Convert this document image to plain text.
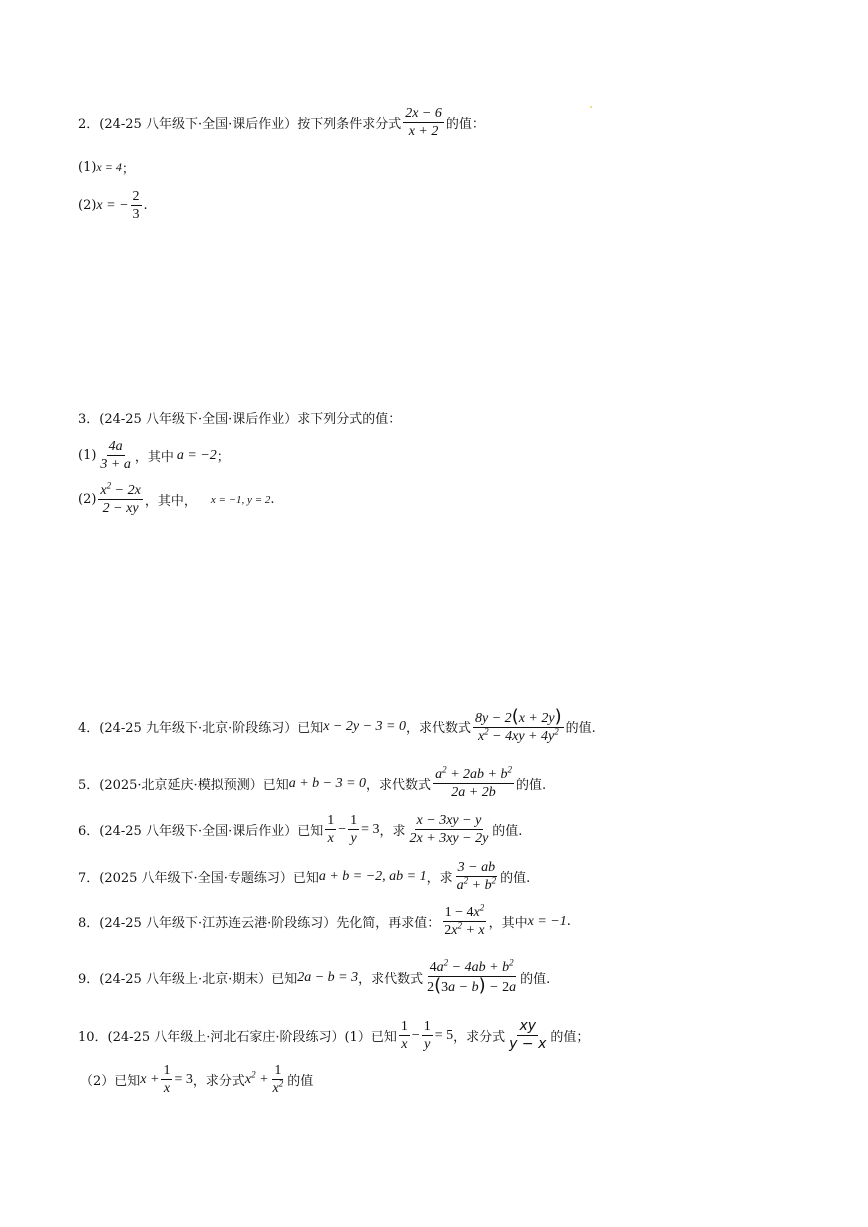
2．(24-25 八年级下·全国·课后作业）按下列条件求分式 $\frac{2x - 6}{x + 2}$ 的值：
(1) x = 4 ；
(2) x = − $\frac{2}{3}$ .
3．(24-25 八年级下·全国·课后作业）求下列分式的值：
$(1) \frac{4a}{3 + a}$ ，其中 a = −2 ；
$(2) \frac{x^2 - 2x}{2 - xy}$ ，其中， x = −1, y = 2 .
4．(24-25 九年级下·北京·阶段练习）已知 x − 2y − 3 = 0 ，求代数式 $\frac{8y - 2(x + 2y)}{x^2 - 4xy + 4y^2}$ 的值.
5．(2025·北京延庆·模拟预测）已知 a + b − 3 = 0 ，求代数式 $\frac{a^2 + 2ab + b^2}{2a + 2b}$ 的值.
6．(24-25 八年级下·全国·课后作业）已知 $\frac{1}{x} - \frac{1}{y} = 3$ ，求 $\frac{x - 3xy - y}{2x + 3xy - 2y}$ 的值.
7．(2025 八年级下·全国·专题练习）已知 a + b = −2, ab = 1 ，求 $\frac{3 - ab}{a^2 + b^2}$ 的值.
8．(24-25 八年级下·江苏连云港·阶段练习）先化简，再求值： $\frac{1 - 4x^2}{2x^2 + x}$ ，其中 x = −1 .
9．(24-25 八年级上·北京·期末）已知 2a − b = 3 ，求代数式 $\frac{4a^2 - 4ab + b^2}{2(3a - b) - 2a}$ 的值.
10．(24-25 八年级上·河北石家庄·阶段练习）(1）已知 $\frac{1}{x} - \frac{1}{y} = 5$ ，求分式 $\frac{xy}{y - x}$ 的值；
（2）已知 $x + \frac{1}{x} = 3$ ，求分式 $x^2 + \frac{1}{x^2}$ 的值
